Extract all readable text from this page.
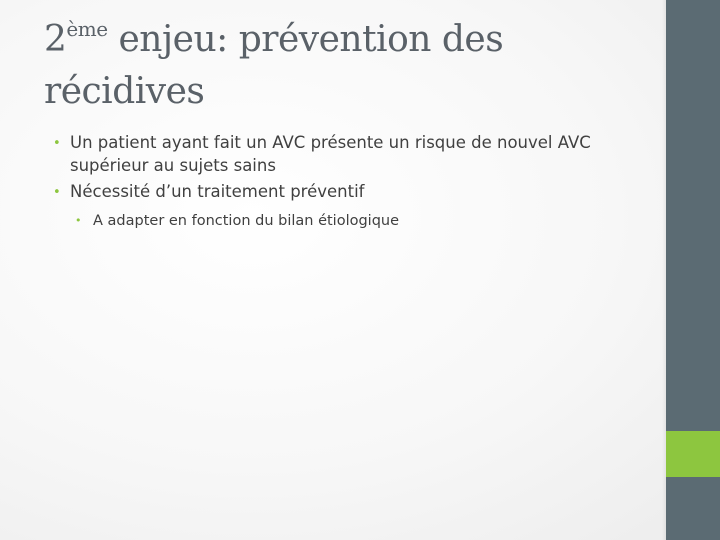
2ème enjeu: prévention des récidives
• Un patient ayant fait un AVC présente un risque de nouvel AVC supérieur au sujets sains
• Nécessité d’un traitement préventif
• A adapter en fonction du bilan étiologique
